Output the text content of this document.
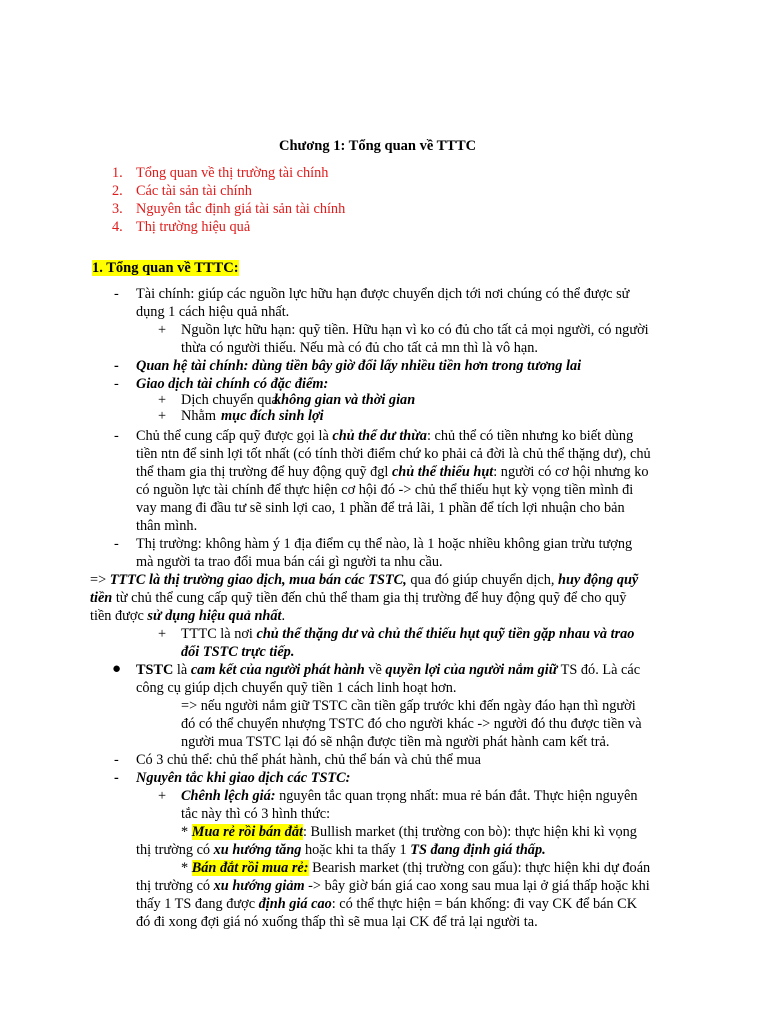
Chương 1: Tổng quan về TTTC
1. Tổng quan về thị trường tài chính
2. Các tài sản tài chính
3. Nguyên tắc định giá tài sản tài chính
4. Thị trường hiệu quả
1. Tổng quan về TTTC:
- Tài chính: giúp các nguồn lực hữu hạn được chuyển dịch tới nơi chúng có thể được sử
dụng 1 cách hiệu quả nhất.
+ Nguồn lực hữu hạn: quỹ tiền. Hữu hạn vì ko có đủ cho tất cả mọi người, có người
thừa có người thiếu. Nếu mà có đủ cho tất cả mn thì là vô hạn.
- Quan hệ tài chính: dùng tiền bây giờ đổi lấy nhiều tiền hơn trong tương lai
- Giao dịch tài chính có đặc điểm:
+ Dịch chuyển qua
không gian và thời gian
+ Nhằm mục đích sinh lợi
- Chủ thể cung cấp quỹ được gọi là chủ thể dư thừa: chủ thể có tiền nhưng ko biết dùng
tiền ntn để sinh lợi tốt nhất (có tính thời điểm chứ ko phải cả đời là chủ thể thặng dư), chủ
thể tham gia thị trường để huy động quỹ đgl chủ thể thiếu hụt: người có cơ hội nhưng ko
có nguồn lực tài chính để thực hiện cơ hội đó -> chủ thể thiếu hụt kỳ vọng tiền mình đi
vay mang đi đầu tư sẽ sinh lợi cao, 1 phần để trả lãi, 1 phần để tích lợi nhuận cho bản
thân mình.
- Thị trường: không hàm ý 1 địa điểm cụ thể nào, là 1 hoặc nhiều không gian trừu tượng
mà người ta trao đổi mua bán cái gì người ta nhu cầu.
=> TTTC là thị trường giao dịch, mua bán các TSTC, qua đó giúp chuyển dịch, huy động quỹ
tiền từ chủ thể cung cấp quỹ tiền đến chủ thể tham gia thị trường để huy động quỹ để cho quỹ
tiền được sử dụng hiệu quả nhất.
+ TTTC là nơi chủ thể thặng dư và chủ thể thiếu hụt quỹ tiền gặp nhau và trao
đổi TSTC trực tiếp.
● TSTC là cam kết của người phát hành về quyền lợi của người nắm giữ TS đó. Là các
công cụ giúp dịch chuyển quỹ tiền 1 cách linh hoạt hơn.
=> nếu người nắm giữ TSTC cần tiền gấp trước khi đến ngày đáo hạn thì người
đó có thể chuyển nhượng TSTC đó cho người khác -> người đó thu được tiền và
người mua TSTC lại đó sẽ nhận được tiền mà người phát hành cam kết trả.
- Có 3 chủ thể: chủ thể phát hành, chủ thể bán và chủ thể mua
- Nguyên tắc khi giao dịch các TSTC:
+ Chênh lệch giá: nguyên tắc quan trọng nhất: mua rẻ bán đắt. Thực hiện nguyên
tắc này thì có 3 hình thức:
* Mua rẻ rồi bán đắt: Bullish market (thị trường con bò): thực hiện khi kì vọng
thị trường có xu hướng tăng hoặc khi ta thấy 1 TS đang định giá thấp.
* Bán đắt rồi mua rẻ: Bearish market (thị trường con gấu): thực hiện khi dự đoán
thị trường có xu hướng giảm -> bây giờ bán giá cao xong sau mua lại ở giá thấp hoặc khi
thấy 1 TS đang được định giá cao: có thể thực hiện = bán khống: đi vay CK để bán CK
đó đi xong đợi giá nó xuống thấp thì sẽ mua lại CK để trả lại người ta.
